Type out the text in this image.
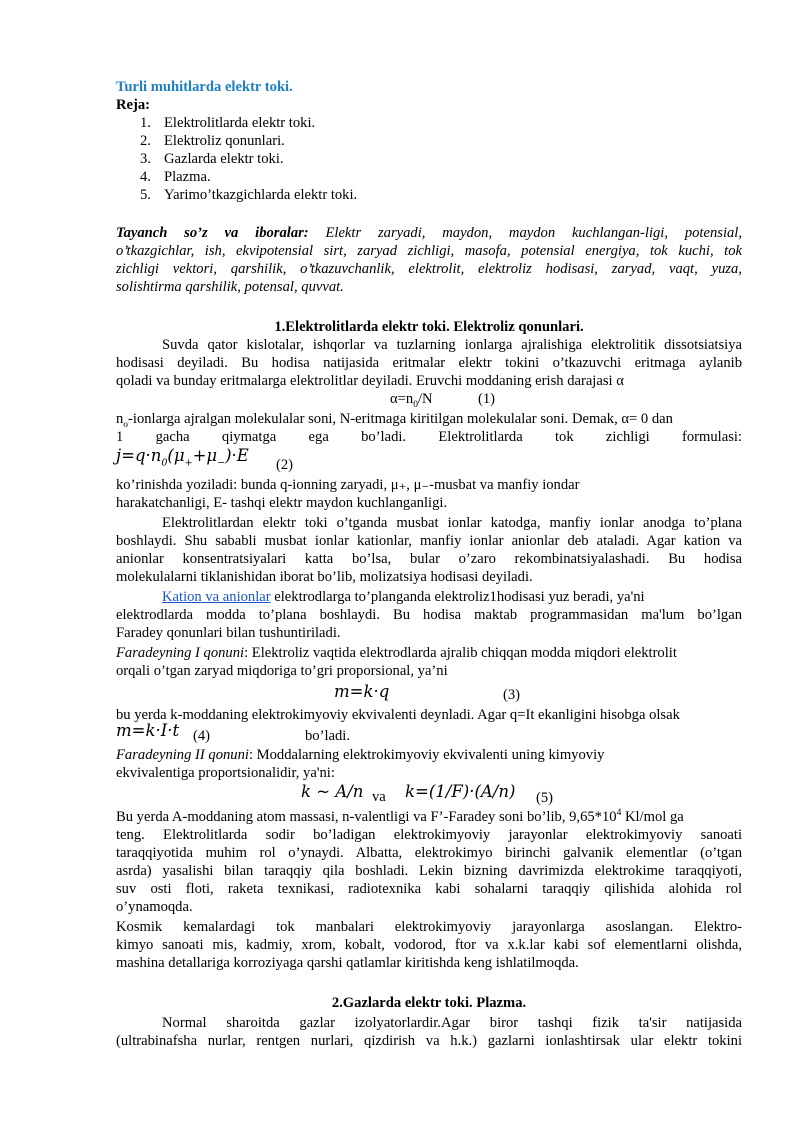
Turli muhitlarda elektr toki.
Reja:
1. Elektrolitlarda elektr toki.
2. Elektroliz qonunlari.
3. Gazlarda elektr toki.
4. Plazma.
5. Yarimo’tkazgichlarda elektr toki.
Tayanch so’z va iboralar: Elektr zaryadi, maydon, maydon kuchlangan-ligi, potensial,
o’tkazgichlar, ish, ekvipotensial sirt, zaryad zichligi, masofa, potensial energiya, tok kuchi, tok
zichligi vektori, qarshilik, o’tkazuvchanlik, elektrolit, elektroliz hodisasi, zaryad, vaqt, yuza,
solishtirma qarshilik, potensal, quvvat.
1.Elektrolitlarda elektr toki. Elektroliz qonunlari.
Suvda qator kislotalar, ishqorlar va tuzlarning ionlarga ajralishiga elektrolitik dissotsiatsiya
hodisasi deyiladi. Bu hodisa natijasida eritmalar elektr tokini o’tkazuvchi eritmaga aylanib
qoladi va bunday eritmalarga elektrolitlar deyiladi. Eruvchi moddaning erish darajasi α
$\alpha=n_0/N$	(1)
$n_o$-ionlarga ajralgan molekulalar soni, N-eritmaga kiritilgan molekulalar soni. Demak, α= 0 dan
1 gacha qiymatga ega bo’ladi. Elektrolitlarda tok zichligi formulasi:
$j=q\cdot n_0(\mu_++\mu_-)\cdot E$ (2)
ko’rinishda yoziladi: bunda q-ionning zaryadi, μ₊, μ₋-musbat va manfiy iondar
harakatchanligi, E- tashqi elektr maydon kuchlanganligi.
Elektrolitlardan elektr toki o’tganda musbat ionlar katodga, manfiy ionlar anodga to’plana
boshlaydi. Shu sababli musbat ionlar kationlar, manfiy ionlar anionlar deb ataladi. Agar kation va
anionlar konsentratsiyalari katta bo’lsa, bular o’zaro rekombinatsiyalashadi. Bu hodisa
molekulalarni tiklanishidan iborat bo’lib, molizatsiya hodisasi deyiladi.
Kation va anionlar elektrodlarga to’planganda elektroliz1hodisasi yuz beradi, ya'ni
elektrodlarda modda to’plana boshlaydi. Bu hodisa maktab programmasidan ma'lum bo’lgan
Faradey qonunlari bilan tushuntiriladi.
Faradeyning I qonuni: Elektroliz vaqtida elektrodlarda ajralib chiqqan modda miqdori elektrolit
orqali o’tgan zaryad miqdoriga to’gri proporsional, ya’ni
m=k·q	(3)
bu yerda k-moddaning elektrokimyoviy ekvivalenti deynladi. Agar q=It ekanligini hisobga olsak
m=k·I·t (4)	bo’ladi.
Faradeyning II qonuni: Moddalarning elektrokimyoviy ekvivalenti uning kimyoviy
ekvivalentiga proportsionalidir, ya'ni:
k ~ A/n va k=(1/F)·(A/n) (5)
Bu yerda A-moddaning atom massasi, n-valentligi va F’-Faradey soni bo’lib, $9,65*10^4$ Kl/mol ga
teng. Elektrolitlarda sodir bo’ladigan elektrokimyoviy jarayonlar elektrokimyoviy sanoati
taraqqiyotida muhim rol o’ynaydi. Albatta, elektrokimyo birinchi galvanik elementlar (o’tgan
asrda) yasalishi bilan taraqqiy qila boshladi. Lekin bizning davrimizda elektrokime taraqqiyoti,
suv osti floti, raketa texnikasi, radiotexnika kabi sohalarni taraqqiy qilishida alohida rol
o’ynamoqda.
Kosmik kemalardagi tok manbalari elektrokimyoviy jarayonlarga asoslangan. Elektro-
kimyo sanoati mis, kadmiy, xrom, kobalt, vodorod, ftor va x.k.lar kabi sof elementlarni olishda,
mashina detallariga korroziyaga qarshi qatlamlar kiritishda keng ishlatilmoqda.
2.Gazlarda elektr toki. Plazma.
Normal sharoitda gazlar izolyatorlardir.Agar biror tashqi fizik ta'sir natijasida
(ultrabinafsha nurlar, rentgen nurlari, qizdirish va h.k.) gazlarni ionlashtirsak ular elektr tokini
